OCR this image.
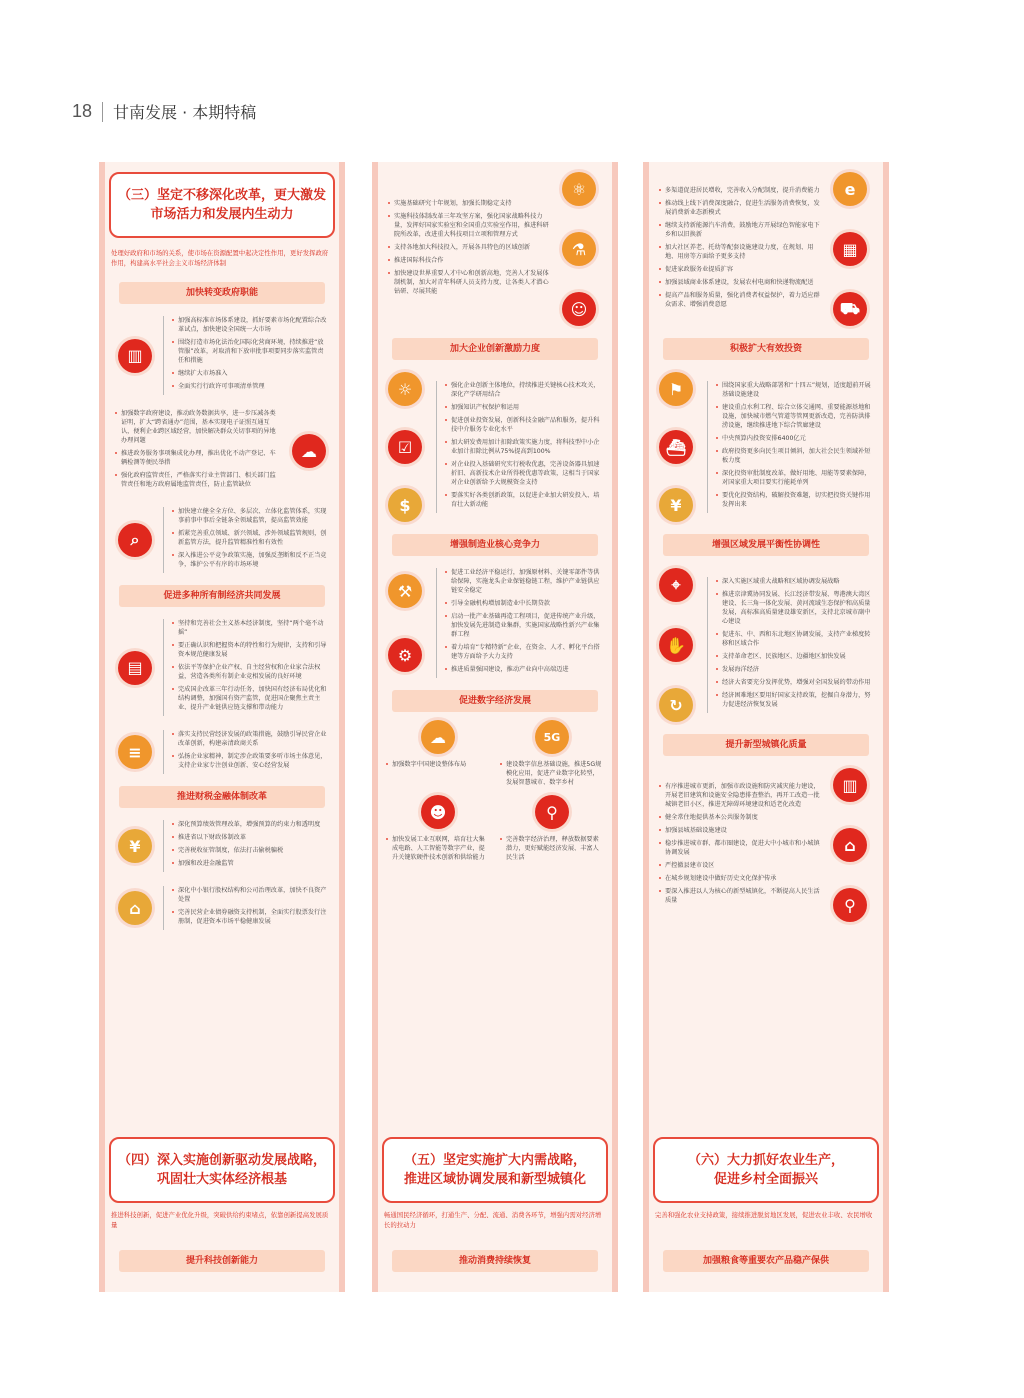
18 甘南发展 · 本期特稿
（三）坚定不移深化改革，更大激发
市场活力和发展内生动力
处理好政府和市场的关系，使市场在资源配置中起决定性作用，更好发挥政府作用，构建高水平社会主义市场经济体制
加快转变政府职能
▥
加强高标准市场体系建设，抓好要素市场化配置综合改革试点，加快建设全国统一大市场
围绕打造市场化法治化国际化营商环境，持续推进“放管服”改革，对取消和下放审批事项要同步落实监管责任和措施
继续扩大市场准入
全面实行行政许可事项清单管理
加强数字政府建设，推动政务数据共享，进一步压减各类证明，扩大“跨省通办”范围，基本实现电子证照互通互认，便利企业跨区域经营，加快解决群众关切事项的异地办理问题
推进政务服务事项集成化办理，推出优化不动产登记、车辆检测等便民举措
强化政府监管责任，严格落实行业主管部门、相关部门监管责任和地方政府属地监管责任，防止监管缺位
☁
⌕
加快建立健全全方位、多层次、立体化监管体系，实现事前事中事后全链条全领域监管，提高监管效能
抓紧完善重点领域、新兴领域、涉外领域监管规则，创新监管方法，提升监管精准性和有效性
深入推进公平竞争政策实施，加强反垄断和反不正当竞争，维护公平有序的市场环境
促进多种所有制经济共同发展
▤
坚持和完善社会主义基本经济制度，坚持“两个毫不动摇”
要正确认识和把握资本的特性和行为规律，支持和引导资本规范健康发展
依法平等保护企业产权、自主经营权和企业家合法权益，营造各类所有制企业竞相发展的良好环境
完成国企改革三年行动任务，加快国有经济布局优化和结构调整，加强国有资产监管，促进国企聚焦主责主业、提升产业链供应链支撑和带动能力
≡
落实支持民营经济发展的政策措施，鼓励引导民营企业改革创新，构建亲清政商关系
弘扬企业家精神，制定涉企政策要多听市场主体意见，支持企业家专注创业创新、安心经营发展
推进财税金融体制改革
¥
深化预算绩效管理改革，增强预算的约束力和透明度
推进省以下财政体制改革
完善税收征管制度，依法打击偷税骗税
加强和改进金融监管
⌂
深化中小银行股权结构和公司治理改革，加快不良资产处置
完善民营企业债券融资支持机制，全面实行股票发行注册制，促进资本市场平稳健康发展
（四）深入实施创新驱动发展战略，
巩固壮大实体经济根基
推进科技创新，促进产业优化升级，突破供给约束堵点，依靠创新提高发展质量
提升科技创新能力
实施基础研究十年规划，加强长期稳定支持
实施科技体制改革三年攻坚方案，强化国家战略科技力量，发挥好国家实验室和全国重点实验室作用，推进科研院所改革，改进重大科技项目立项和管理方式
支持各地加大科技投入，开展各具特色的区域创新
推进国际科技合作
加快建设世界重要人才中心和创新高地，完善人才发展体制机制，加大对青年科研人员支持力度，让各类人才潜心钻研、尽展其能
⚛
⚗
☺
加大企业创新激励力度
☼
☑
$
强化企业创新主体地位，持续推进关键核心技术攻关，深化产学研用结合
加强知识产权保护和运用
促进创业投资发展，创新科技金融产品和服务，提升科技中介服务专业化水平
加大研发费用加计扣除政策实施力度，将科技型中小企业加计扣除比例从75%提高到100%
对企业投入基础研究实行税收优惠，完善设备器具加速折旧、高新技术企业所得税优惠等政策，这相当于国家对企业创新给予大规模资金支持
要落实好各类创新政策，以促进企业加大研发投入、培育壮大新动能
增强制造业核心竞争力
⚒
⚙
促进工业经济平稳运行，加强原材料、关键零部件等供给保障，实施龙头企业保链稳链工程，维护产业链供应链安全稳定
引导金融机构增加制造业中长期贷款
启动一批产业基础再造工程项目，促进传统产业升级，加快发展先进制造业集群，实施国家战略性新兴产业集群工程
着力培育“专精特新”企业，在资金、人才、孵化平台搭建等方面给予大力支持
推进质量强国建设，推动产业向中高端迈进
促进数字经济发展
☁
加强数字中国建设整体布局
5G
建设数字信息基础设施，推进5G规模化应用，促进产业数字化转型，发展智慧城市、数字乡村
☻
加快发展工业互联网，培育壮大集成电路、人工智能等数字产业，提升关键软硬件技术创新和供给能力
⚲
完善数字经济治理，释放数据要素潜力，更好赋能经济发展、丰富人民生活
（五）坚定实施扩大内需战略，
推进区域协调发展和新型城镇化
畅通国民经济循环，打通生产、分配、流通、消费各环节，增强内需对经济增长的拉动力
推动消费持续恢复
多渠道促进居民增收，完善收入分配制度，提升消费能力
推动线上线下消费深度融合，促进生活服务消费恢复，发展消费新业态新模式
继续支持新能源汽车消费，鼓励地方开展绿色智能家电下乡和以旧换新
加大社区养老、托幼等配套设施建设力度，在规划、用地、用房等方面给予更多支持
促进家政服务业提质扩容
加强县域商业体系建设，发展农村电商和快递物流配送
提高产品和服务质量，强化消费者权益保护，着力适应群众需求、增强消费意愿
e
▦
⛟
积极扩大有效投资
⚑
⛴
¥
围绕国家重大战略部署和“十四五”规划，适度超前开展基础设施建设
建设重点水利工程、综合立体交通网、重要能源基地和设施，加快城市燃气管道等管网更新改造，完善防洪排涝设施，继续推进地下综合管廊建设
中央预算内投资安排6400亿元
政府投资更多向民生项目倾斜，加大社会民生领域补短板力度
深化投资审批制度改革，做好用地、用能等要素保障，对国家重大项目要实行能耗单列
要优化投资结构，破解投资难题，切实把投资关键作用发挥出来
增强区域发展平衡性协调性
⌖
✋
↻
深入实施区域重大战略和区域协调发展战略
推进京津冀协同发展、长江经济带发展、粤港澳大湾区建设、长三角一体化发展、黄河流域生态保护和高质量发展，高标准高质量建设雄安新区，支持北京城市副中心建设
促进东、中、西和东北地区协调发展，支持产业梯度转移和区域合作
支持革命老区、民族地区、边疆地区加快发展
发展海洋经济
经济大省要充分发挥优势，增强对全国发展的带动作用
经济困难地区要用好国家支持政策，挖掘自身潜力，努力促进经济恢复发展
提升新型城镇化质量
有序推进城市更新，加强市政设施和防灾减灾能力建设，开展老旧建筑和设施安全隐患排查整治，再开工改造一批城镇老旧小区，推进无障碍环境建设和适老化改造
健全常住地提供基本公共服务制度
加强县城基础设施建设
稳步推进城市群、都市圈建设，促进大中小城市和小城镇协调发展
严控撤县建市设区
在城乡规划建设中做好历史文化保护传承
要深入推进以人为核心的新型城镇化，不断提高人民生活质量
▥
⌂
⚲
（六）大力抓好农业生产，
促进乡村全面振兴
完善和强化农业支持政策，接续推进脱贫地区发展，促进农业丰收、农民增收
加强粮食等重要农产品稳产保供
